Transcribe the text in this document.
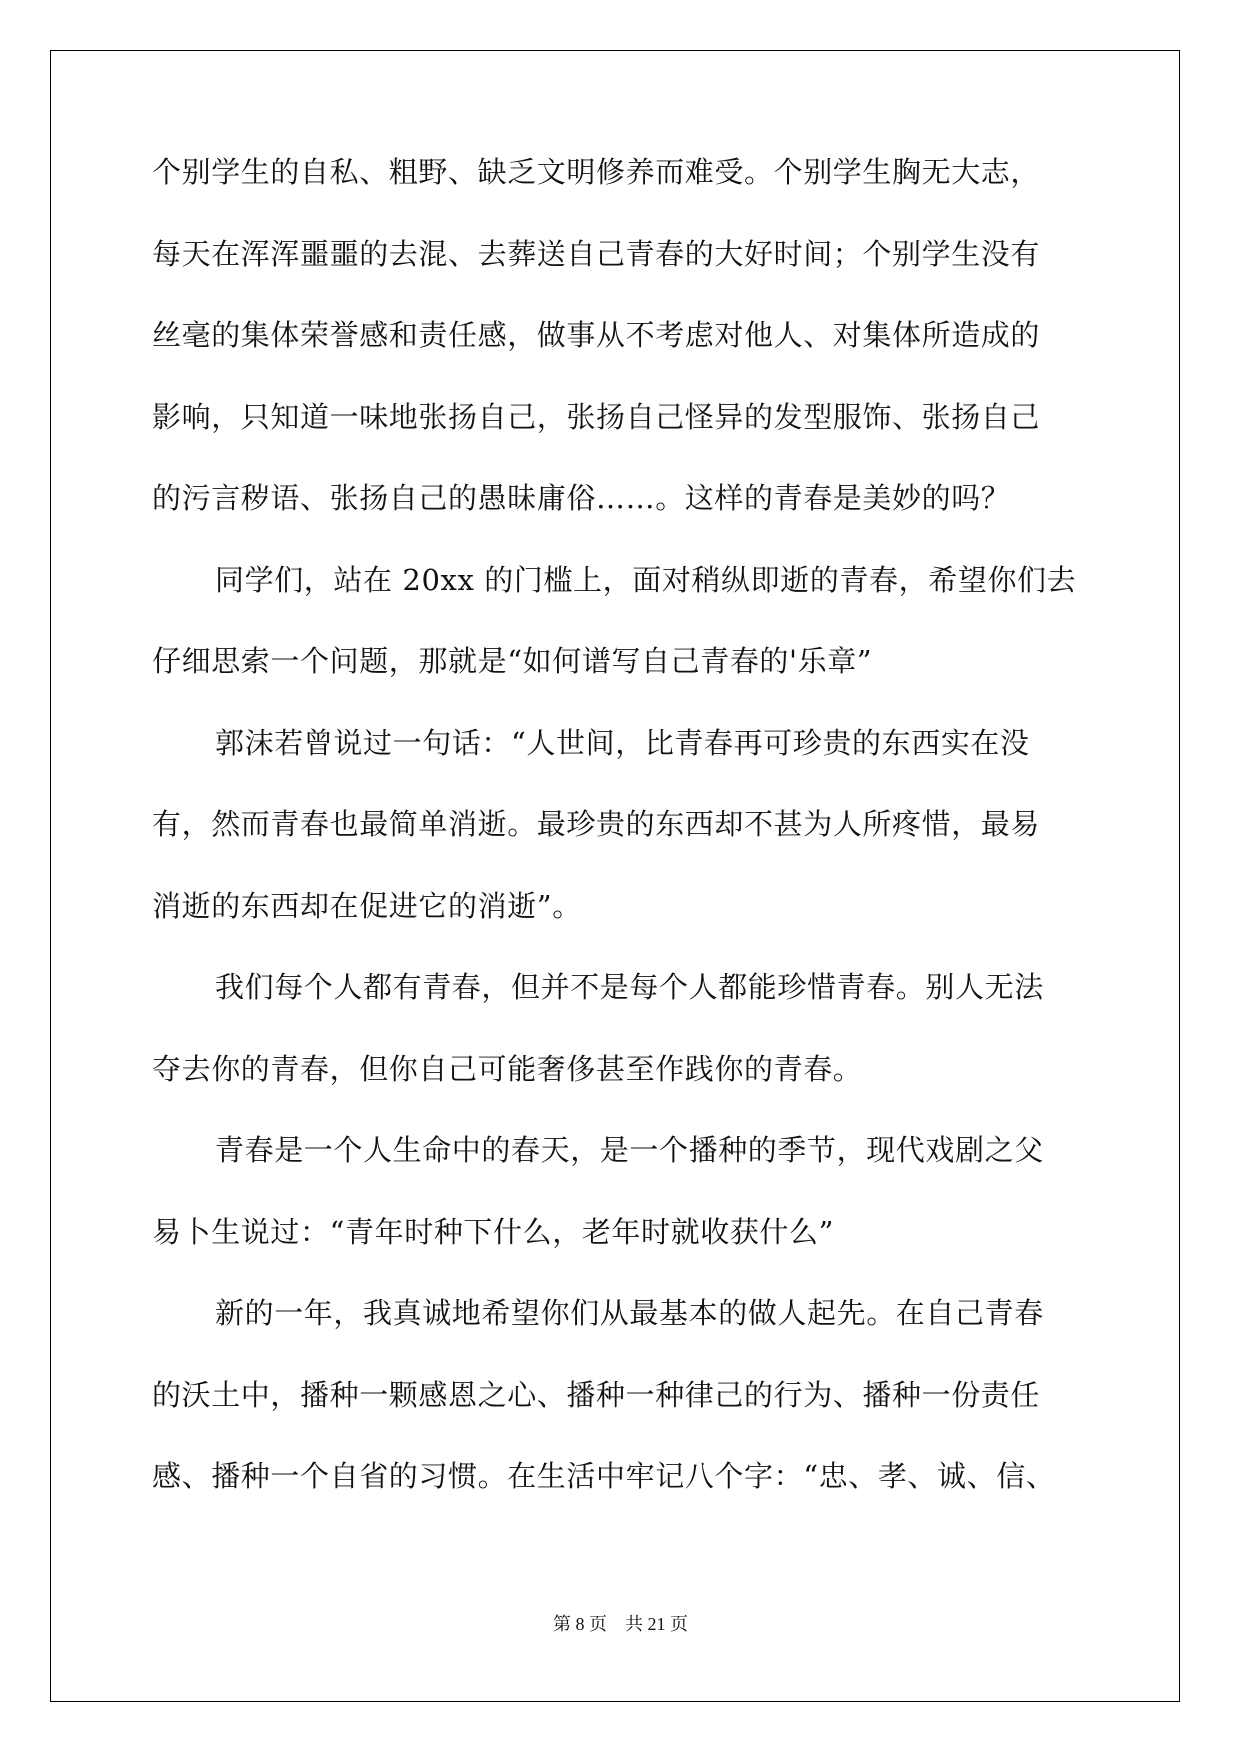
个别学生的自私、粗野、缺乏文明修养而难受。个别学生胸无大志，
每天在浑浑噩噩的去混、去葬送自己青春的大好时间；个别学生没有
丝毫的集体荣誉感和责任感，做事从不考虑对他人、对集体所造成的
影响，只知道一味地张扬自己，张扬自己怪异的发型服饰、张扬自己
的污言秽语、张扬自己的愚昧庸俗……。这样的青春是美妙的吗？
同学们，站在 20xx 的门槛上，面对稍纵即逝的青春，希望你们去
仔细思索一个问题，那就是“如何谱写自己青春的'乐章”
郭沫若曾说过一句话：“人世间，比青春再可珍贵的东西实在没
有，然而青春也最简单消逝。最珍贵的东西却不甚为人所疼惜，最易
消逝的东西却在促进它的消逝”。
我们每个人都有青春，但并不是每个人都能珍惜青春。别人无法
夺去你的青春，但你自己可能奢侈甚至作践你的青春。
青春是一个人生命中的春天，是一个播种的季节，现代戏剧之父
易卜生说过：“青年时种下什么，老年时就收获什么”
新的一年，我真诚地希望你们从最基本的做人起先。在自己青春
的沃土中，播种一颗感恩之心、播种一种律己的行为、播种一份责任
感、播种一个自省的习惯。在生活中牢记八个字：“忠、孝、诚、信、
第 8 页    共 21 页
